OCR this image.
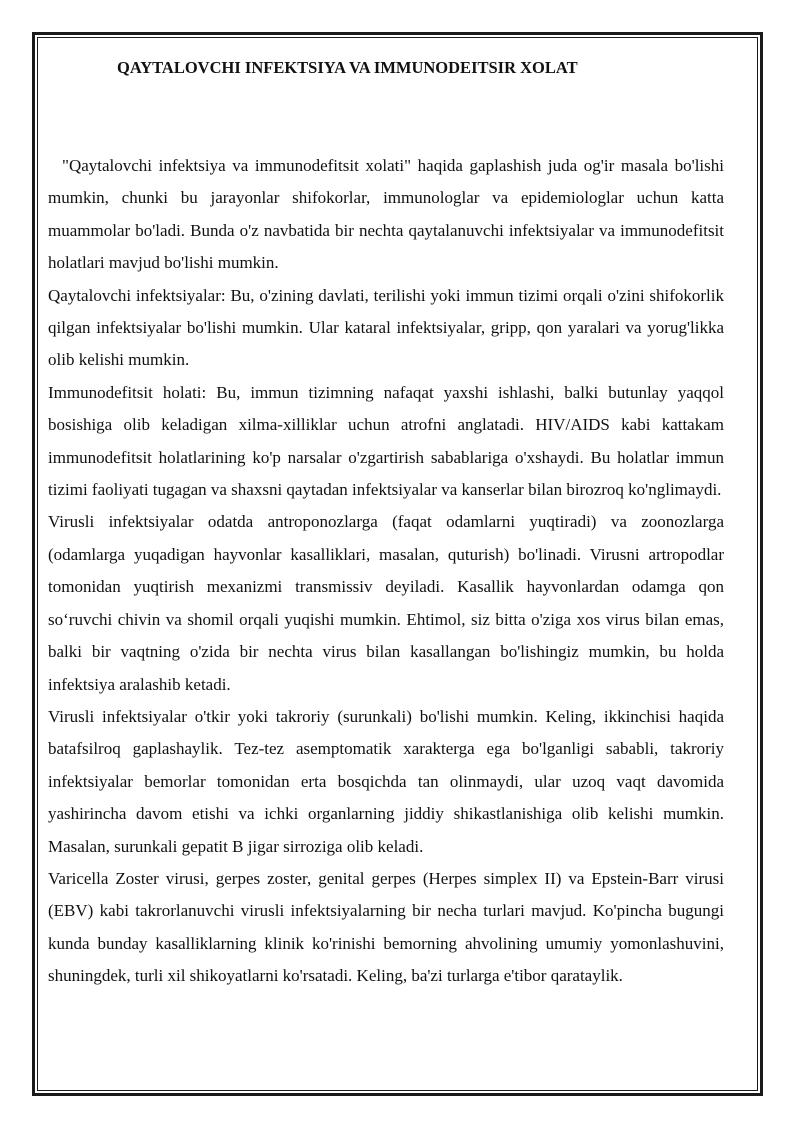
QAYTALOVCHI INFEKTSIYA VA IMMUNODEITSIR XOLAT

"Qaytalovchi infektsiya va immunodefitsit xolati" haqida gaplashish juda og'ir masala bo'lishi mumkin, chunki bu jarayonlar shifokorlar, immunologlar va epidemiologlar uchun katta muammolar bo'ladi. Bunda o'z navbatida bir nechta qaytalanuvchi infektsiyalar va immunodefitsit holatlari mavjud bo'lishi mumkin.

Qaytalovchi infektsiyalar: Bu, o'zining davlati, terilishi yoki immun tizimi orqali o'zini shifokorlik qilgan infektsiyalar bo'lishi mumkin. Ular kataral infektsiyalar, gripp, qon yaralari va yorug'likka olib kelishi mumkin.

Immunodefitsit holati: Bu, immun tizimning nafaqat yaxshi ishlashi, balki butunlay yaqqol bosishiga olib keladigan xilma-xilliklar uchun atrofni anglatadi. HIV/AIDS kabi kattakam immunodefitsit holatlarining ko'p narsalar o'zgartirish sabablariga o'xshaydi. Bu holatlar immun tizimi faoliyati tugagan va shaxsni qaytadan infektsiyalar va kanserlar bilan birozroq ko'nglimaydi.

Virusli infektsiyalar odatda antroponozlarga (faqat odamlarni yuqtiradi) va zoonozlarga (odamlarga yuqadigan hayvonlar kasalliklari, masalan, quturish) bo'linadi. Virusni artropodlar tomonidan yuqtirish mexanizmi transmissiv deyiladi. Kasallik hayvonlardan odamga qon so‘ruvchi chivin va shomil orqali yuqishi mumkin. Ehtimol, siz bitta o'ziga xos virus bilan emas, balki bir vaqtning o'zida bir nechta virus bilan kasallangan bo'lishingiz mumkin, bu holda infektsiya aralashib ketadi.

Virusli infektsiyalar o'tkir yoki takroriy (surunkali) bo'lishi mumkin. Keling, ikkinchisi haqida batafsilroq gaplashaylik. Tez-tez asemptomatik xarakterga ega bo'lganligi sababli, takroriy infektsiyalar bemorlar tomonidan erta bosqichda tan olinmaydi, ular uzoq vaqt davomida yashirincha davom etishi va ichki organlarning jiddiy shikastlanishiga olib kelishi mumkin. Masalan, surunkali gepatit B jigar sirroziga olib keladi.

Varicella Zoster virusi, gerpes zoster, genital gerpes (Herpes simplex II) va Epstein-Barr virusi (EBV) kabi takrorlanuvchi virusli infektsiyalarning bir necha turlari mavjud. Ko'pincha bugungi kunda bunday kasalliklarning klinik ko'rinishi bemorning ahvolining umumiy yomonlashuvini, shuningdek, turli xil shikoyatlarni ko'rsatadi. Keling, ba'zi turlarga e'tibor qarataylik.
